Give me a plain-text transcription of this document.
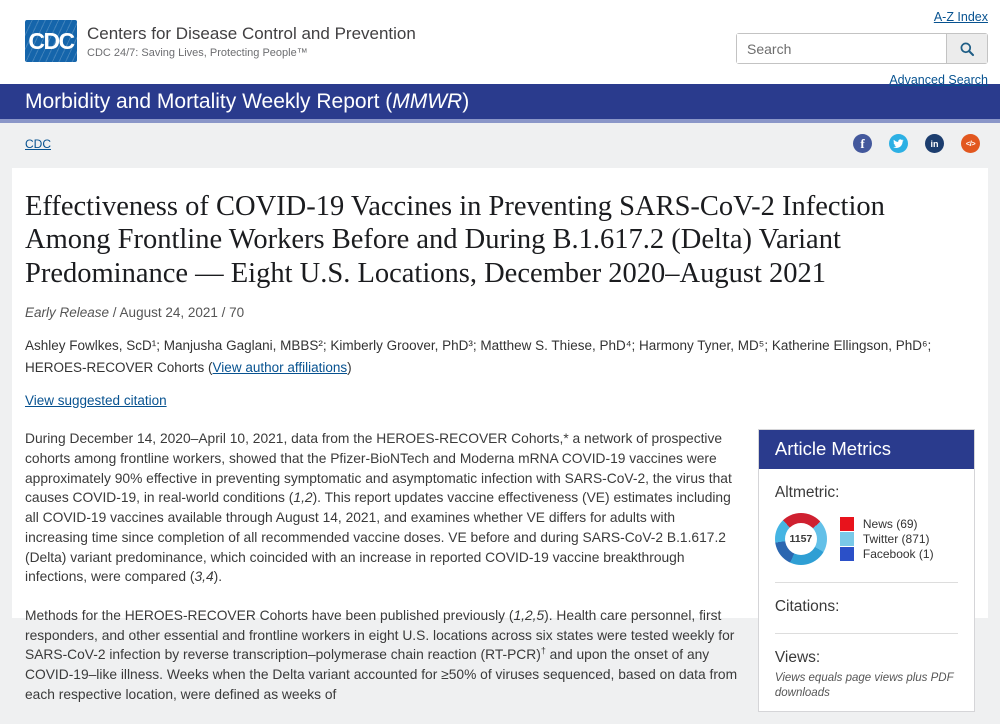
CDC Centers for Disease Control and Prevention
CDC 24/7: Saving Lives, Protecting People™
A-Z Index
Search
Advanced Search
Morbidity and Mortality Weekly Report (MMWR)
CDC	f	in	</>
Effectiveness of COVID-19 Vaccines in Preventing SARS-CoV-2 Infection Among Frontline Workers Before and During B.1.617.2 (Delta) Variant Predominance — Eight U.S. Locations, December 2020–August 2021

Early Release / August 24, 2021 / 70

Ashley Fowlkes, ScD¹; Manjusha Gaglani, MBBS²; Kimberly Groover, PhD³; Matthew S. Thiese, PhD⁴; Harmony Tyner, MD⁵; Katherine Ellingson, PhD⁶; HEROES-RECOVER Cohorts (View author affiliations)

View suggested citation

During December 14, 2020–April 10, 2021, data from the HEROES-RECOVER Cohorts,* a network of prospective cohorts among frontline workers, showed that the Pfizer-BioNTech and Moderna mRNA COVID-19 vaccines were approximately 90% effective in preventing symptomatic and asymptomatic infection with SARS-CoV-2, the virus that causes COVID-19, in real-world conditions (1,2). This report updates vaccine effectiveness (VE) estimates including all COVID-19 vaccines available through August 14, 2021, and examines whether VE differs for adults with increasing time since completion of all recommended vaccine doses. VE before and during SARS-CoV-2 B.1.617.2 (Delta) variant predominance, which coincided with an increase in reported COVID-19 vaccine breakthrough infections, were compared (3,4).

Methods for the HEROES-RECOVER Cohorts have been published previously (1,2,5). Health care personnel, first responders, and other essential and frontline workers in eight U.S. locations across six states were tested weekly for SARS-CoV-2 infection by reverse transcription–polymerase chain reaction (RT-PCR)† and upon the onset of any COVID-19–like illness. Weeks when the Delta variant accounted for ≥50% of viruses sequenced, based on data from each respective location, were defined as weeks of

Article Metrics
Altmetric:
1157
News (69)
Twitter (871)
Facebook (1)
Citations:
Views:
Views equals page views plus PDF downloads
